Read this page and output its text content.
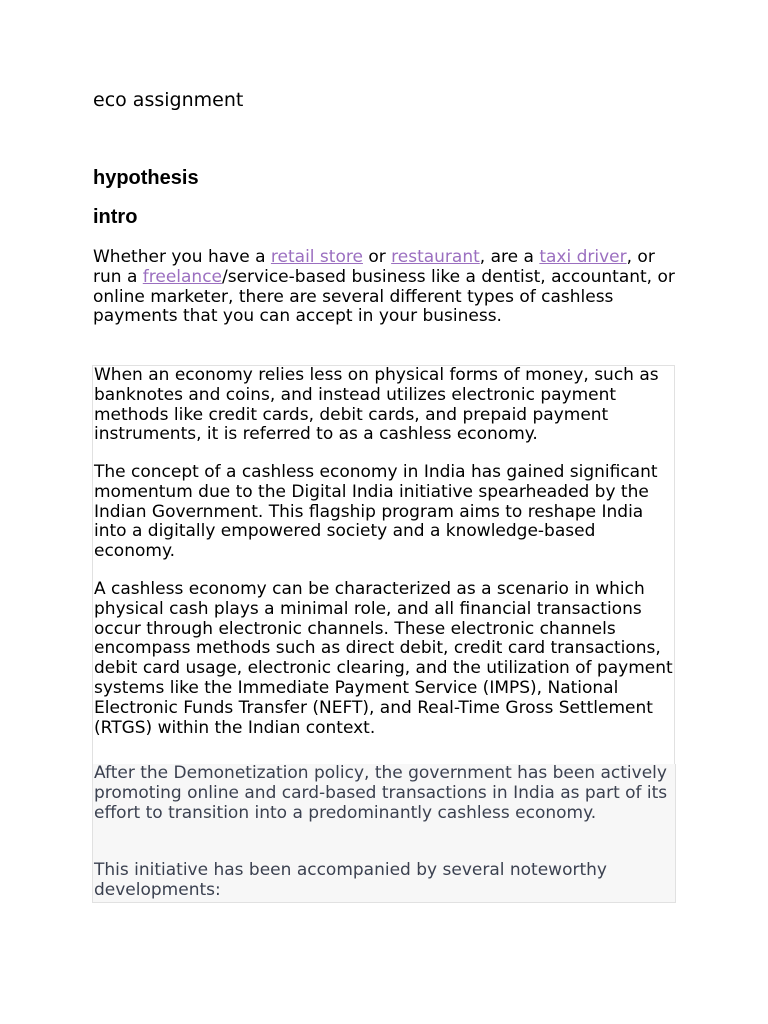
eco assignment
hypothesis
intro

Whether you have a retail store or restaurant, are a taxi driver, or run a freelance/service-based business like a dentist, accountant, or online marketer, there are several different types of cashless payments that you can accept in your business.

When an economy relies less on physical forms of money, such as banknotes and coins, and instead utilizes electronic payment methods like credit cards, debit cards, and prepaid payment instruments, it is referred to as a cashless economy.

The concept of a cashless economy in India has gained significant momentum due to the Digital India initiative spearheaded by the Indian Government. This flagship program aims to reshape India into a digitally empowered society and a knowledge-based economy.

A cashless economy can be characterized as a scenario in which physical cash plays a minimal role, and all financial transactions occur through electronic channels. These electronic channels encompass methods such as direct debit, credit card transactions, debit card usage, electronic clearing, and the utilization of payment systems like the Immediate Payment Service (IMPS), National Electronic Funds Transfer (NEFT), and Real-Time Gross Settlement (RTGS) within the Indian context.

After the Demonetization policy, the government has been actively promoting online and card-based transactions in India as part of its effort to transition into a predominantly cashless economy.

This initiative has been accompanied by several noteworthy developments:
